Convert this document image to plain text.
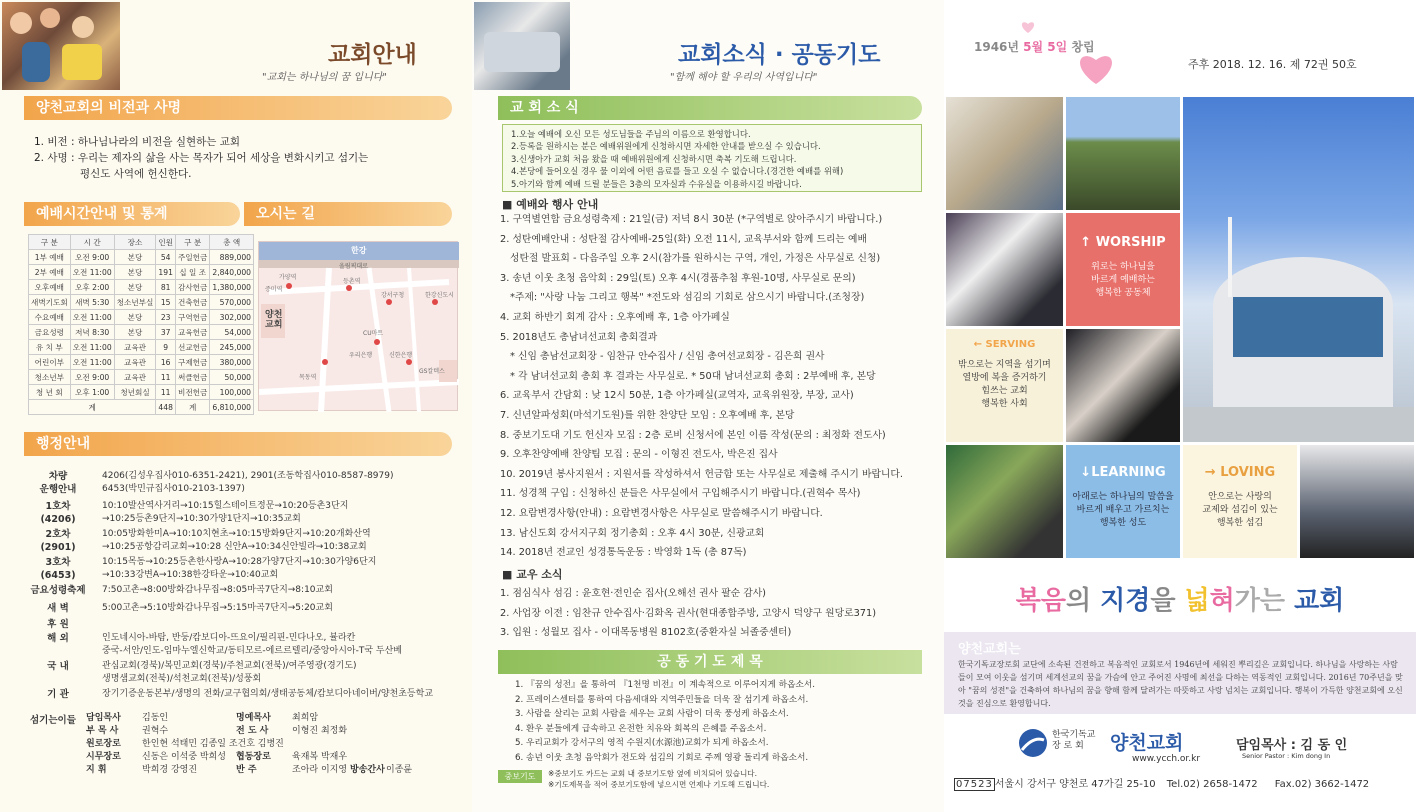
교회안내
"교회는 하나님의 꿈 입니다"
양천교회의 비전과 사명
1. 비전 : 하나님나라의 비전을 실현하는 교회
2. 사명 : 우리는 제자의 삶을 사는 목자가 되어 세상을 변화시키고 섬기는
평신도 사역에 헌신한다.
예배시간안내 및 통계	오시는 길
구 분	시 간	장소	인원	구 분	총 액
1부 예배	오전 9:00	본당	54	주일헌금	889,000
2부 예배	오전 11:00	본당	191	십 일 조	2,840,000
오후예배	오후 2:00	본당	81	감사헌금	1,380,000
새벽기도회	새벽 5:30	청소년부실	15	건축헌금	570,000
수요예배	오전 11:00	본당	23	구역헌금	302,000
금요성령	저녁 8:30	본당	37	교육헌금	54,000
유 치 부	오전 11:00	교육관	9	선교헌금	245,000
어린이부	오전 11:00	교육관	16	구제헌금	380,000
청소년부	오전 9:00	교육관	11	써클헌금	50,000
청 년 회	오후 1:00	청년회실	11	비전헌금	100,000
계			448	계	6,810,000
한강
올림픽대로
양천교회
가양역
등촌역
증미역
강서구청
목동역
CU마트
우리은행	신한은행
한강신도시
GS칼텍스
행정안내
섬기는이들 담임목사 김동인	명예목사 최희암
부 목 사	권혁수	전 도 사	이형진 최정화
원로장로 한인현 석태민 김종일 조건호 김병진
시무장로 신동은 이석중 박희성 협동장로 육재복 박재우
지 휘	박희경 강영진	반 주	조아라 이지영 방송간사 이종륜
차량
운행안내
4206(김성우집사010-6351-2421), 2901(조동학집사010-8587-8979)
6453(박민규집사010-2103-1397)
1호차
(4206)
10:10발산역사거리→10:15힐스테이트정문→10:20등촌3단지
→10:25등촌9단지→10:30가양1단지→10:35교회
2호차
(2901)
10:05방화한미A→10:10치현초→10:15방화9단지→10:20개화산역
→10:25공항감리교회→10:28 신안A→10:34신안빌라→10:38교회
3호차
(6453)
10:15목동→10:25등촌한사랑A→10:28가양7단지→10:30가양6단지
→10:33강변A→10:38한강타운→10:40교회
금요성령축제 7:50고촌→8:00방화감나무집→8:05마곡7단지→8:10교회
새 벽	5:00고촌→5:10방화감나무집→5:15마곡7단지→5:20교회
후 원
해 외	인도네시아-바탐, 반둥/캄보디아-뜨요이/필리핀-민다나오, 뷸라칸
중국-서안/인도-임마누엘신학교/동티모르-에르르텔리/중앙아시아-T국 두산베
국 내	관심교회(경북)/복민교회(경북)/주천교회(전북)/여주영광(경기도)
생명샘교회(전북)/석천교회(전북)/성풍회
기 관	장기기증운동본부/생명의 전화/교구협의회/생태공동체/캄보디아네이버/양천초등학교
교회소식 · 공동기도
"함께 해야 할 우리의 사역입니다"
교 회 소 식
1.오늘 예배에 오신 모든 성도님들을 주님의 이름으로 환영합니다.
2.등록을 원하시는 분은 예배위원에게 신청하시면 자세한 안내를 받으실 수 있습니다.
3.신생아가 교회 처음 왔을 때 예배위원에게 신청하시면 축복 기도해 드립니다.
4.본당에 들어오실 경우 물 이외에 어떤 음료를 들고 오실 수 없습니다.(경건한 예배를 위해)
5.아기와 함께 예배 드릴 분들은 3층의 모자실과 수유실을 이용하시길 바랍니다.
■ 예배와 행사 안내
■ 교우 소식
공 동 기 도 제 목
중보기도	※중보기도 카드는 교회 내 중보기도함 옆에 비치되어 있습니다.
※기도제목을 적어 중보기도함에 넣으시면 언제나 기도해 드립니다.
1946년 5월 5일 창립
주후 2018. 12. 16. 제 72권 50호
↑ WORSHIP
위로는 하나님을
바르게 예배하는
행복한 공동체
← SERVING
밖으로는 지역을 섬기며
열방에 복을 증거하기
힘쓰는 교회
행복한 사회
↓LEARNING
아래로는 하나님의 말씀을
바르게 배우고 가르치는
행복한 성도
→ LOVING
안으로는 사랑의
교제와 섬김이 있는
행복한 섬김
복음의 지경을 넓혀가는 교회
양천교회는
한국기독교장로회 교단에 소속된 건전하고 복음적인 교회로서 1946년에 세워진 뿌리깊은 교회입니다. 하나님을 사랑하는 사람들이 모여 이웃을 섬기며 세계선교의 꿈을 가슴에 안고 주어진 사명에 최선을 다하는 역동적인 교회입니다. 2016년 70주년을 맞아 "꿈의 성전"을 건축하여 하나님의 꿈을 향해 함께 달려가는 따뜻하고 사랑 넘치는 교회입니다. 행복이 가득한 양천교회에 오신 것을 진심으로 환영합니다.
한국기독교
장 로 회	양천교회
www.ycch.or.kr
담임목사 : 김 동 인
Senior Pastor : Kim dong In
07523 서울시 강서구 양천로 47가길 25-10 Tel.02) 2658-1472 Fax.02) 3662-1472
1. 구역별연합 금요성령축제 : 21일(금) 저녁 8시 30분 (*구역별로 앉아주시기 바랍니다.)
2. 성탄예배안내 : 성탄절 감사예배-25일(화) 오전 11시, 교육부서와 함께 드리는 예배
성탄절 발표회 - 다음주일 오후 2시(참가를 원하시는 구역, 개인, 가정은 사무실로 신청)
3. 송년 이웃 초청 음악회 : 29일(토) 오후 4시(경품추첨 후원-10명, 사무실로 문의)
*주제: "사랑 나눔 그리고 행복" *전도와 섬김의 기회로 삼으시기 바랍니다.(조청장)
4. 교회 하반기 회계 감사 : 오후예배 후, 1층 아가페실
5. 2018년도 총남녀선교회 총회결과
* 신임 총남선교회장 - 임찬규 안수집사 / 신임 총여선교회장 - 김은희 권사
* 각 남녀선교회 총회 후 결과는 사무실로. * 50대 남녀선교회 총회 : 2부예배 후, 본당
6. 교육부서 간담회 : 낮 12시 50분, 1층 아가페실(교역자, 교육위원장, 부장, 교사)
7. 신년알파성회(마석기도원)를 위한 찬양단 모임 : 오후예배 후, 본당
8. 중보기도대 기도 헌신자 모집 : 2층 로비 신청서에 본인 이름 작성(문의 : 최정화 전도사)
9. 오후찬양예배 찬양팀 모집 : 문의 - 이형진 전도사, 박은진 집사
10. 2019년 봉사지원서 : 지원서를 작성하셔서 헌금함 또는 사무실로 제출해 주시기 바랍니다.
11. 성경책 구입 : 신청하신 분들은 사무실에서 구입해주시기 바랍니다.(권혁수 목사)
12. 요람변경사항(안내) : 요람변경사항은 사무실로 말씀해주시기 바랍니다.
13. 남신도회 강서지구회 정기총회 : 오후 4시 30분, 신광교회
14. 2018년 전교인 성경통독운동 : 박영화 1독 (총 87독)
1. 점심식사 섬김 : 윤호현·전인순 집사(오해선 권사 팔순 감사)
2. 사업장 이전 : 임찬규 안수집사·김화옥 권사(현대종합주방, 고양시 덕양구 원당로371)
3. 입원 : 성월모 집사 - 이대목동병원 8102호(중환자실 뇌졸중센터)
1. 『꿈의 성전』을 통하여 『1천명 비전』이 계속적으로 이루어지게 하옵소서.
2. 프레이스센터를 통하여 다음세대와 지역주민들을 더욱 잘 섬기게 하옵소서.
3. 사람을 살리는 교회 사람을 세우는 교회 사람이 더욱 풍성케 하옵소서.
4. 환우 분들에게 급속하고 온전한 치유와 회복의 은혜를 주옵소서.
5. 우리교회가 강서구의 영적 수원지(水源池)교회가 되게 하옵소서.
6. 송년 이웃 초청 음악회가 전도와 섬김의 기회로 주께 영광 돌리게 하옵소서.
